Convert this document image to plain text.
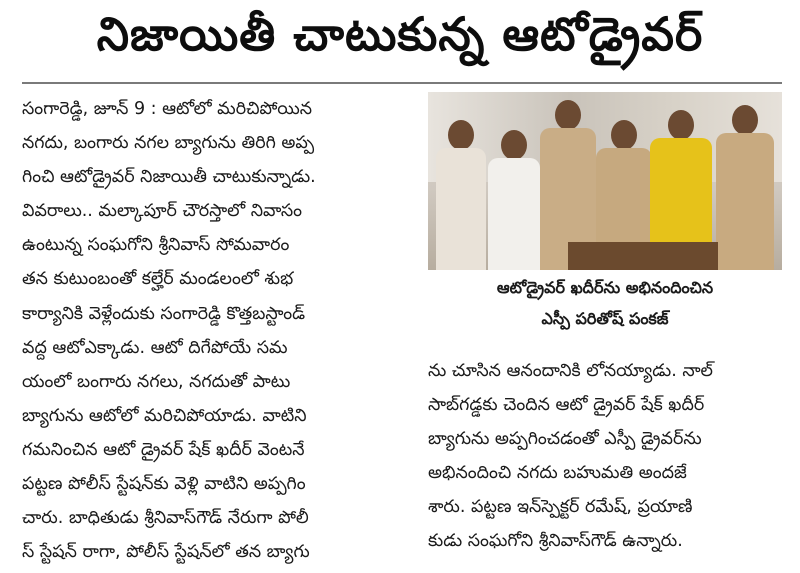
నిజాయితీ చాటుకున్న ఆటోడ్రైవర్

సంగారెడ్డి, జూన్ 9 : ఆటోలో మరిచిపోయిన

నగదు, బంగారు నగల బ్యాగును తిరిగి అప్ప

గించి ఆటోడ్రైవర్ నిజాయితీ చాటుకున్నాడు.

వివరాలు.. మల్కాపూర్ చౌరస్తాలో నివాసం

ఉంటున్న సంఘగోని శ్రీనివాస్ సోమవారం

తన కుటుంబంతో కల్హేర్ మండలంలో శుభ

కార్యానికి వెళ్లేందుకు సంగారెడ్డి కొత్తబస్టాండ్

వద్ద ఆటోఎక్కాడు. ఆటో దిగేపోయే సమ

యంలో బంగారు నగలు, నగదుతో పాటు

బ్యాగును ఆటోలో మరిచిపోయాడు. వాటిని

గమనించిన ఆటో డ్రైవర్ షేక్ ఖదీర్ వెంటనే

పట్టణ పోలీస్ స్టేషన్‌కు వెళ్లి వాటిని అప్పగిం

చారు. బాధితుడు శ్రీనివాస్‌గౌడ్ నేరుగా పోలీ

స్ స్టేషన్ రాగా, పోలీస్ స్టేషన్‌లో తన బ్యాగు

ఆటోడ్రైవర్ ఖదీర్‌ను అభినందించిన
ఎస్పీ పరితోష్ పంకజ్

ను చూసిన ఆనందానికి లోనయ్యాడు. నాల్

సాబ్‌గడ్డకు చెందిన ఆటో డ్రైవర్ షేక్ ఖదీర్

బ్యాగును అప్పగించడంతో ఎస్పీ డ్రైవర్‌ను

అభినందించి నగదు బహుమతి అందజే

శారు. పట్టణ ఇన్‌స్పెక్టర్ రమేష్, ప్రయాణి

కుడు సంఘగోని శ్రీనివాస్‌గౌడ్ ఉన్నారు.
